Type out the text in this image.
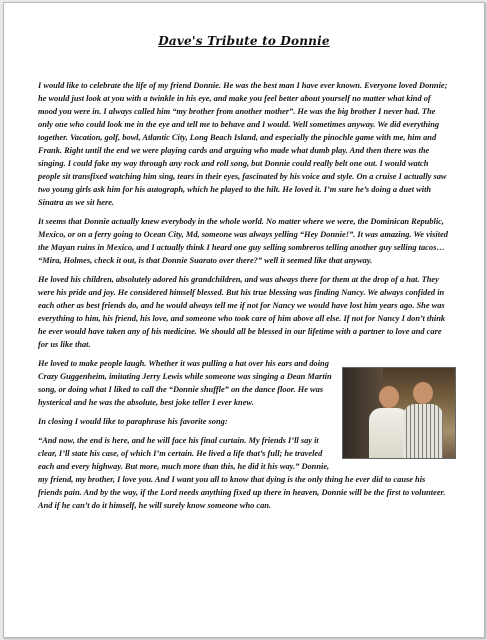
Dave's Tribute to Donnie

I would like to celebrate the life of my friend Donnie. He was the best man I have ever known. Everyone loved Donnie; he would just look at you with a twinkle in his eye, and make you feel better about yourself no matter what kind of mood you were in. I always called him “my brother from another mother”. He was the big brother I never had. The only one who could look me in the eye and tell me to behave and I would. Well sometimes anyway. We did everything together. Vacation, golf, bowl, Atlantic City, Long Beach Island, and especially the pinochle game with me, him and Frank. Right until the end we were playing cards and arguing who made what dumb play. And then there was the singing. I could fake my way through any rock and roll song, but Donnie could really belt one out. I would watch people sit transfixed watching him sing, tears in their eyes, fascinated by his voice and style. On a cruise I actually saw two young girls ask him for his autograph, which he played to the hilt. He loved it. I’m sure he’s doing a duet with Sinatra as we sit here.

It seems that Donnie actually knew everybody in the whole world. No matter where we were, the Dominican Republic, Mexico, or on a ferry going to Ocean City, Md, someone was always yelling “Hey Donnie!”. It was amazing. We visited the Mayan ruins in Mexico, and I actually think I heard one guy selling sombreros telling another guy selling tacos… “Mira, Holmes, check it out, is that Donnie Suarato over there?” well it seemed like that anyway.

He loved his children, absolutely adored his grandchildren, and was always there for them at the drop of a hat. They were his pride and joy. He considered himself blessed. But his true blessing was finding Nancy. We always confided in each other as best friends do, and he would always tell me if not for Nancy we would have lost him years ago. She was everything to him, his friend, his love, and someone who took care of him above all else. If not for Nancy I don’t think he ever would have taken any of his medicine. We should all be blessed in our lifetime with a partner to love and care for us like that.

He loved to make people laugh. Whether it was pulling a hat over his ears and doing Crazy Guggenheim, imitating Jerry Lewis while someone was singing a Dean Martin song, or doing what I liked to call the “Donnie shuffle” on the dance floor. He was hysterical and he was the absolute, best joke teller I ever knew.

In closing I would like to paraphrase his favorite song:

“And now, the end is here, and he will face his final curtain. My friends I’ll say it clear, I’ll state his case, of which I’m certain. He lived a life that’s full; he traveled each and every highway. But more, much more than this, he did it his way.” Donnie, my friend, my brother, I love you. And I want you all to know that dying is the only thing he ever did to cause his friends pain. And by the way, if the Lord needs anything fixed up there in heaven, Donnie will be the first to volunteer. And if he can’t do it himself, he will surely know someone who can.
